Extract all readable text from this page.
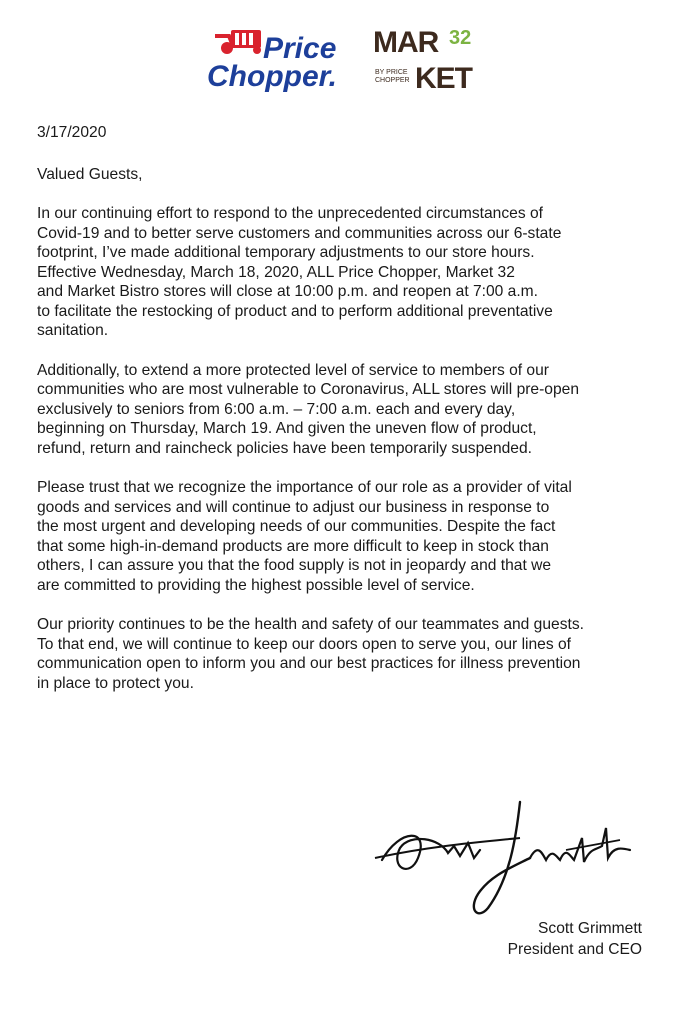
Price
Chopper.
MAR 32
BY PRICE
CHOPPER KET

3/17/2020

Valued Guests,

In our continuing effort to respond to the unprecedented circumstances of
Covid-19 and to better serve customers and communities across our 6-state
footprint, I’ve made additional temporary adjustments to our store hours.
Effective Wednesday, March 18, 2020, ALL Price Chopper, Market 32
and Market Bistro stores will close at 10:00 p.m. and reopen at 7:00 a.m.
to facilitate the restocking of product and to perform additional preventative
sanitation.

Additionally, to extend a more protected level of service to members of our
communities who are most vulnerable to Coronavirus, ALL stores will pre-open
exclusively to seniors from 6:00 a.m. – 7:00 a.m. each and every day,
beginning on Thursday, March 19. And given the uneven flow of product,
refund, return and raincheck policies have been temporarily suspended.

Please trust that we recognize the importance of our role as a provider of vital
goods and services and will continue to adjust our business in response to
the most urgent and developing needs of our communities. Despite the fact
that some high-in-demand products are more difficult to keep in stock than
others, I can assure you that the food supply is not in jeopardy and that we
are committed to providing the highest possible level of service.

Our priority continues to be the health and safety of our teammates and guests.
To that end, we will continue to keep our doors open to serve you, our lines of
communication open to inform you and our best practices for illness prevention
in place to protect you.

Scott Grimmett
President and CEO
